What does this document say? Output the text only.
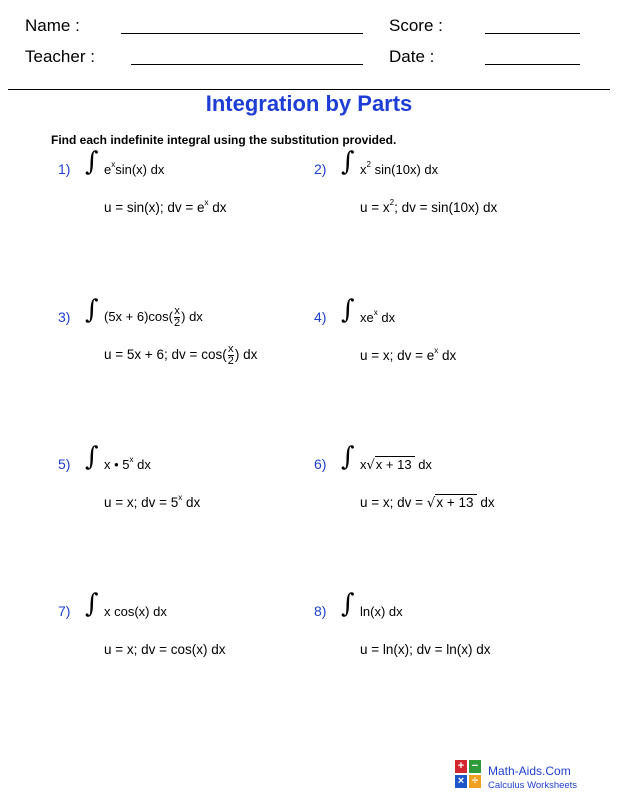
Name :	Score :
Teacher :	Date :
Integration by Parts
Find each indefinite integral using the substitution provided.
1) ∫ $e^x\sin(x)$ dx
u = sin(x); dv = $e^x$ dx
2) ∫ $x^2$ sin(10x) dx
$u = x^2$; dv = sin(10x) dx
3) ∫ $(5x + 6)\cos( \frac{x}{2}$ ) dx
u = 5x + 6; dv = $\cos( \frac{x}{2}$ ) dx
4) ∫ $xe^x$ dx
u = x; dv = $e^x$ dx
5) ∫ x • 5$^x$ dx
u = x; dv = $5^x$ dx
6) ∫ x√x + 13 dx
u = x; dv = √x + 13 dx
7) ∫ x cos(x) dx
u = x; dv = cos(x) dx
8) ∫ ln(x) dx
u = ln(x); dv = ln(x) dx
+ −
× ÷
Math-Aids.Com
Calculus Worksheets
